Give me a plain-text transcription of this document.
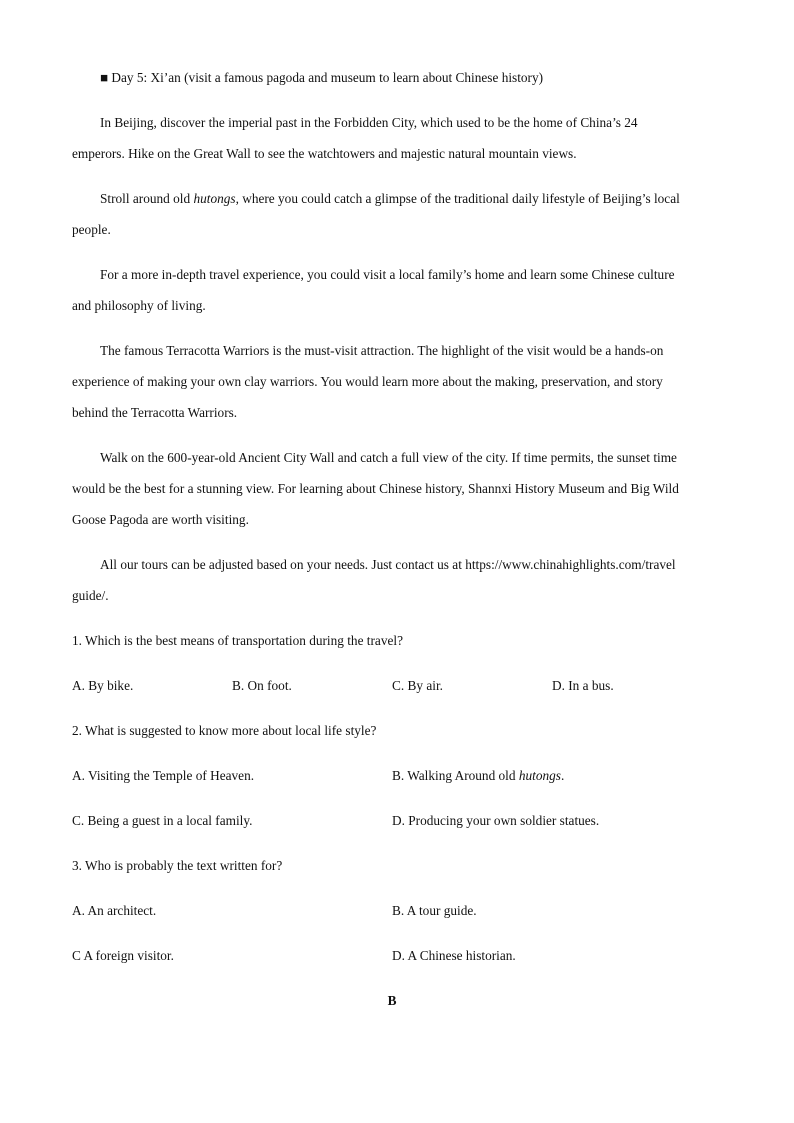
■ Day 5: Xi’an (visit a famous pagoda and museum to learn about Chinese history)
In Beijing, discover the imperial past in the Forbidden City, which used to be the home of China’s 24
emperors. Hike on the Great Wall to see the watchtowers and majestic natural mountain views.
Stroll around old hutongs, where you could catch a glimpse of the traditional daily lifestyle of Beijing’s local
people.
For a more in-depth travel experience, you could visit a local family’s home and learn some Chinese culture
and philosophy of living.
The famous Terracotta Warriors is the must-visit attraction. The highlight of the visit would be a hands-on
experience of making your own clay warriors. You would learn more about the making, preservation, and story
behind the Terracotta Warriors.
Walk on the 600-year-old Ancient City Wall and catch a full view of the city. If time permits, the sunset time
would be the best for a stunning view. For learning about Chinese history, Shannxi History Museum and Big Wild
Goose Pagoda are worth visiting.
All our tours can be adjusted based on your needs. Just contact us at https://www.chinahighlights.com/travel
guide/.
1. Which is the best means of transportation during the travel?
A. By bike.	B. On foot.	C. By air.	D. In a bus.
2. What is suggested to know more about local life style?
A. Visiting the Temple of Heaven.	B. Walking Around old hutongs.
C. Being a guest in a local family.	D. Producing your own soldier statues.
3. Who is probably the text written for?
A. An architect.	B. A tour guide.
C A foreign visitor.	D. A Chinese historian.
B
